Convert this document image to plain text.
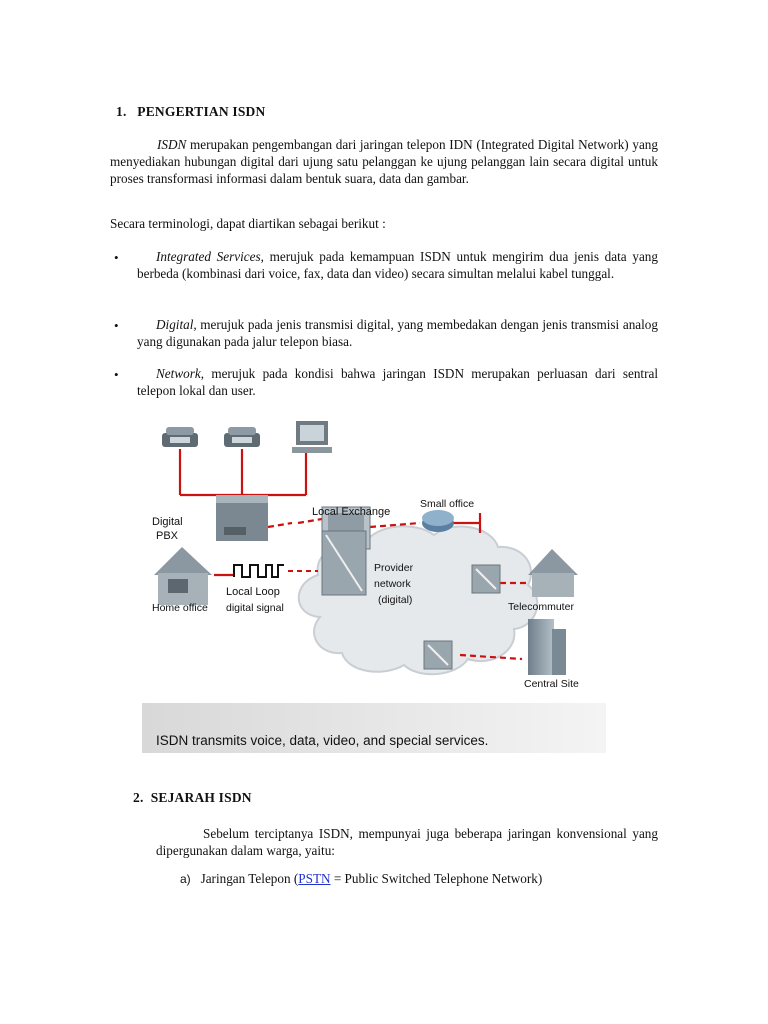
1. PENGERTIAN ISDN
ISDN merupakan pengembangan dari jaringan telepon IDN (Integrated Digital Network) yang menyediakan hubungan digital dari ujung satu pelanggan ke ujung pelanggan lain secara digital untuk proses transformasi informasi dalam bentuk suara, data dan gambar.
Secara terminologi, dapat diartikan sebagai berikut :
•	Integrated Services, merujuk pada kemampuan ISDN untuk mengirim dua jenis data yang berbeda (kombinasi dari voice, fax, data dan video) secara simultan melalui kabel tunggal.
•	Digital, merujuk pada jenis transmisi digital, yang membedakan dengan jenis transmisi analog yang digunakan pada jalur telepon biasa.
•	Network, merujuk pada kondisi bahwa jaringan ISDN merupakan perluasan dari sentral telepon lokal dan user.
Digital
PBX
Local Exchange
Small office
Provider
network
(digital)
Local Loop
Home office digital signal	Telecommuter
Central Site
ISDN transmits voice, data, video, and special services.
2. SEJARAH ISDN
Sebelum terciptanya ISDN, mempunyai juga beberapa jaringan konvensional yang dipergunakan dalam warga, yaitu:
a) Jaringan Telepon (PSTN = Public Switched Telephone Network)
